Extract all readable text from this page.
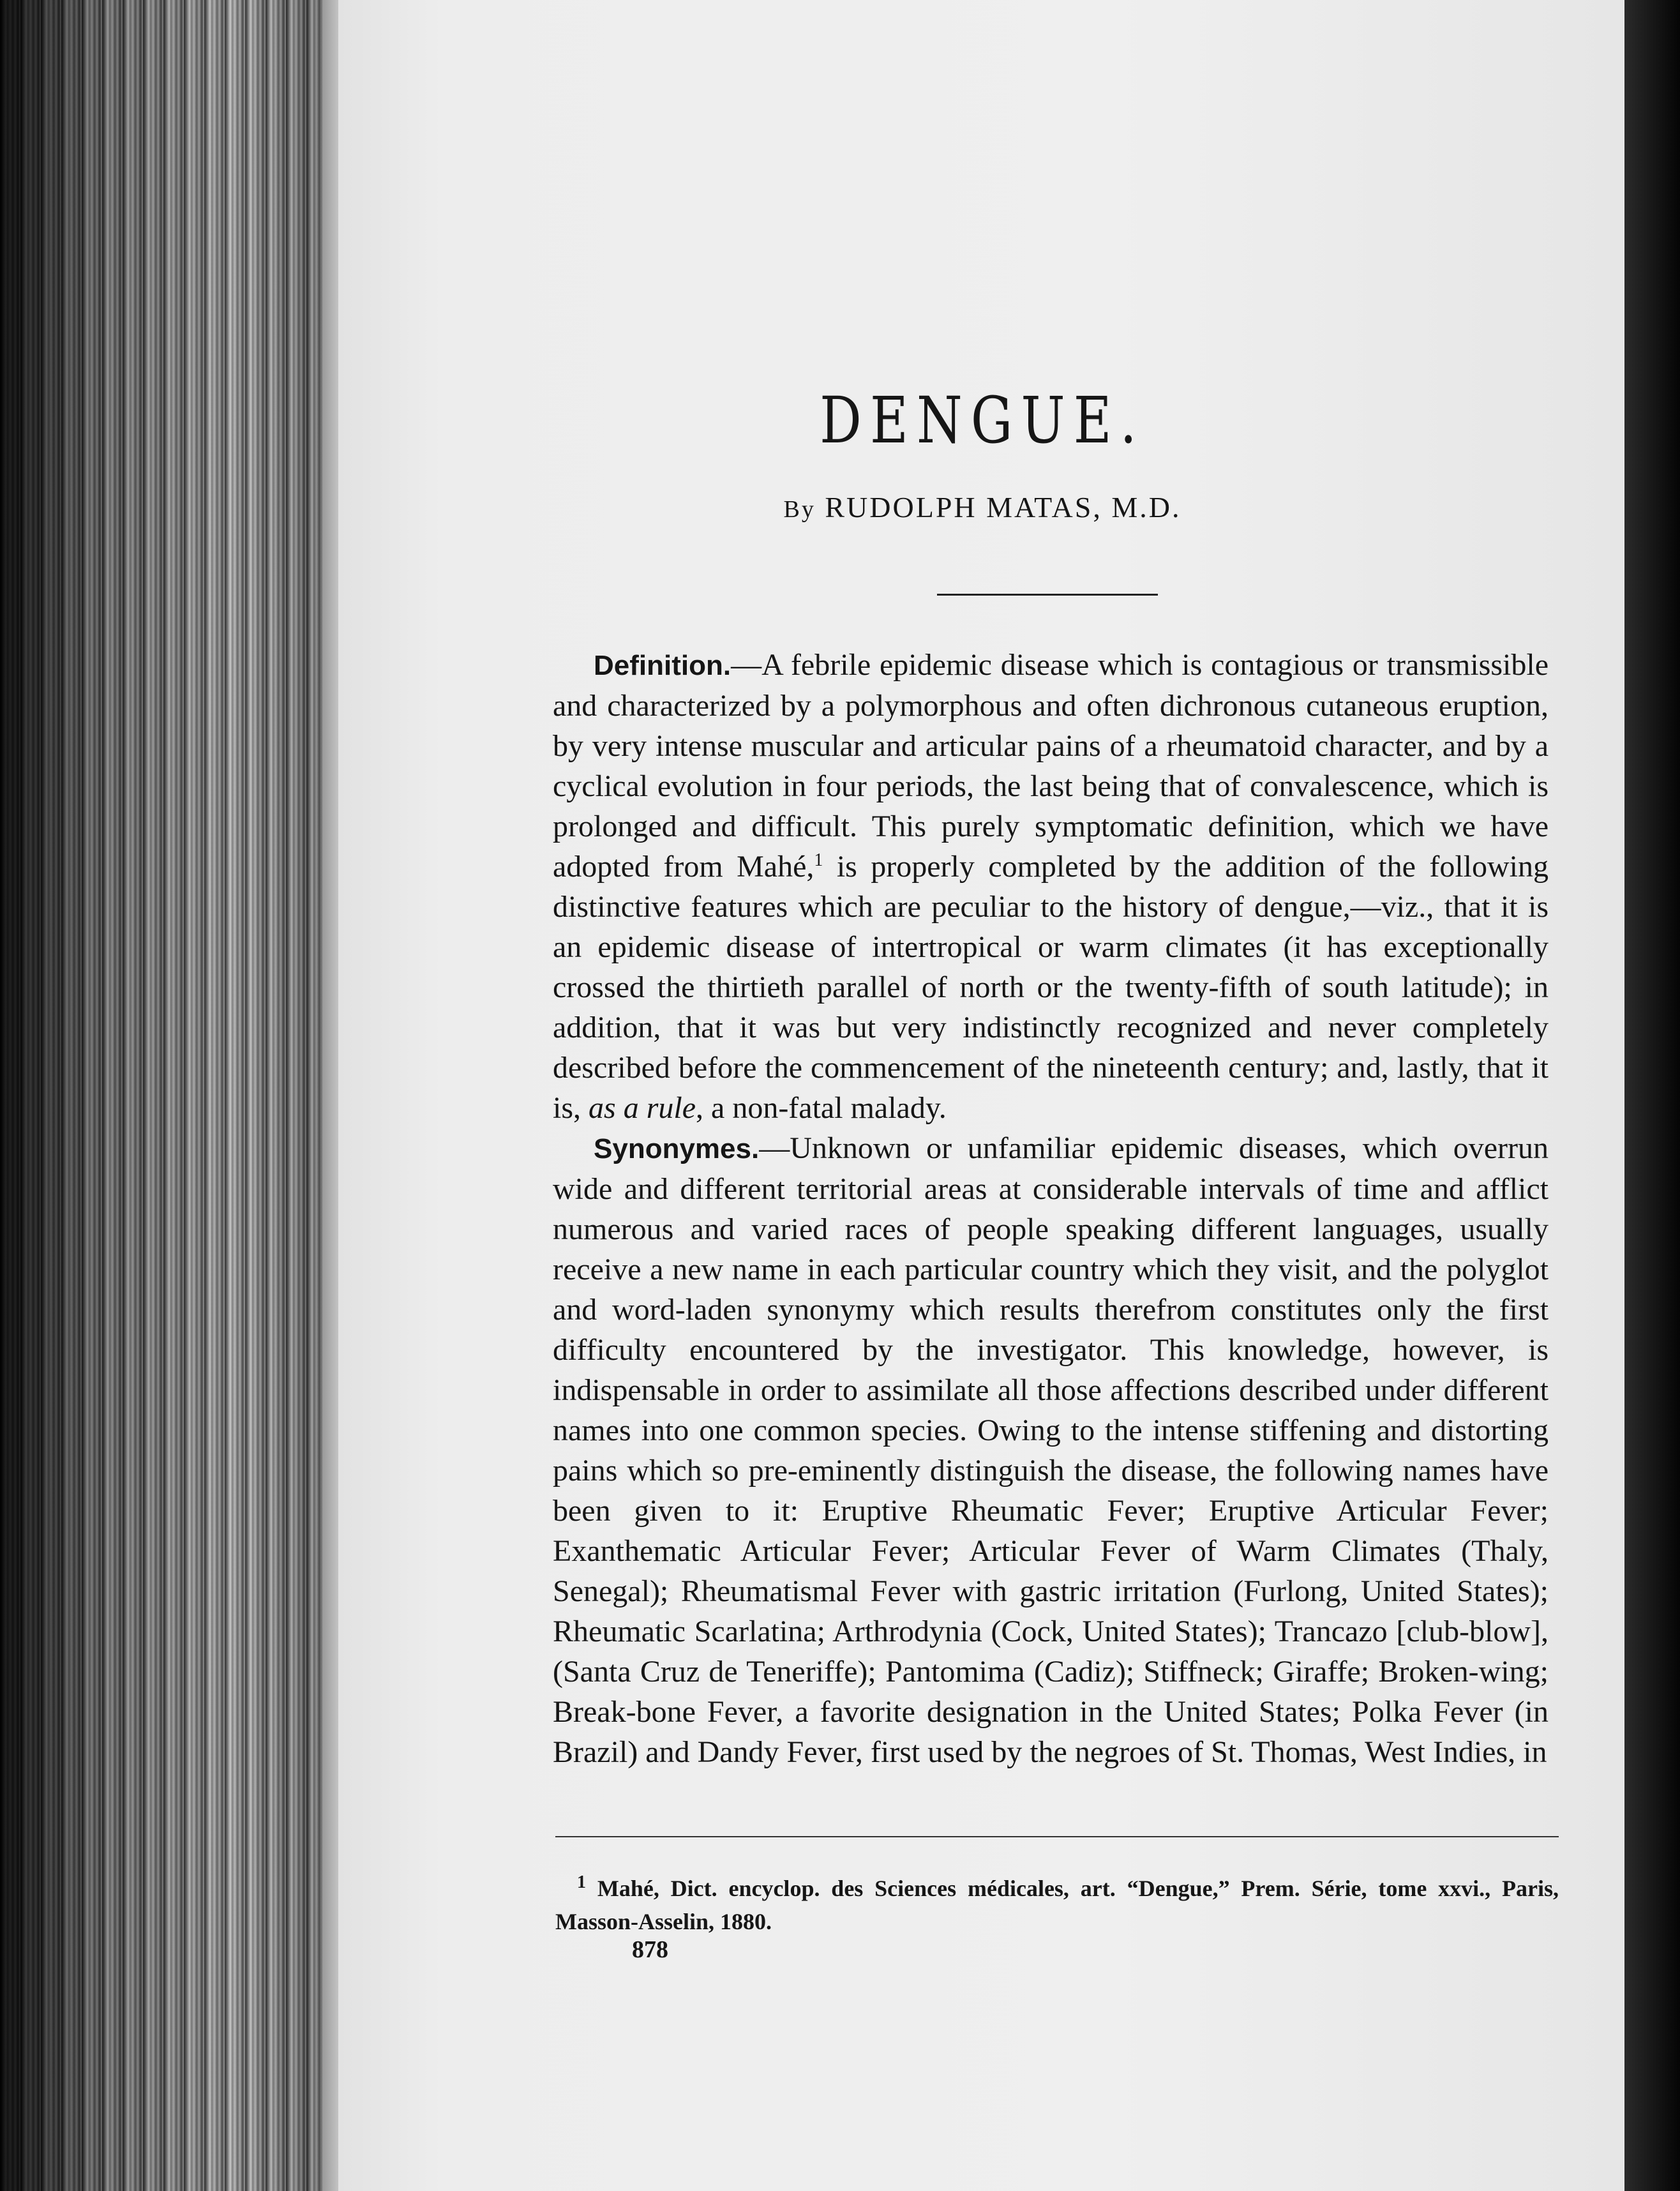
DENGUE.
By RUDOLPH MATAS, M.D.

Definition.—A febrile epidemic disease which is contagious or transmissible and characterized by a polymorphous and often dichronous cutaneous eruption, by very intense muscular and articular pains of a rheumatoid character, and by a cyclical evolution in four periods, the last being that of convalescence, which is prolonged and difficult. This purely symptomatic definition, which we have adopted from Mahé,$^1$ is properly completed by the addition of the following distinctive features which are peculiar to the history of dengue,—viz., that it is an epidemic disease of intertropical or warm climates (it has exceptionally crossed the thirtieth parallel of north or the twenty-fifth of south latitude); in addition, that it was but very indistinctly recognized and never completely described before the commencement of the nineteenth century; and, lastly, that it is, as a rule, a non-fatal malady.

Synonymes.—Unknown or unfamiliar epidemic diseases, which overrun wide and different territorial areas at considerable intervals of time and afflict numerous and varied races of people speaking different languages, usually receive a new name in each particular country which they visit, and the polyglot and word-laden synonymy which results therefrom constitutes only the first difficulty encountered by the investigator. This knowledge, however, is indispensable in order to assimilate all those affections described under different names into one common species. Owing to the intense stiffening and distorting pains which so pre-eminently distinguish the disease, the following names have been given to it: Eruptive Rheumatic Fever; Eruptive Articular Fever; Exanthematic Articular Fever; Articular Fever of Warm Climates (Thaly, Senegal); Rheumatismal Fever with gastric irritation (Furlong, United States); Rheumatic Scarlatina; Arthrodynia (Cock, United States); Trancazo [club-blow], (Santa Cruz de Teneriffe); Pantomima (Cadiz); Stiffneck; Giraffe; Broken-wing; Break-bone Fever, a favorite designation in the United States; Polka Fever (in Brazil) and Dandy Fever, first used by the negroes of St. Thomas, West Indies, in

$^1$ Mahé, Dict. encyclop. des Sciences médicales, art. “Dengue,” Prem. Série, tome xxvi., Paris, Masson-Asselin, 1880.
878
